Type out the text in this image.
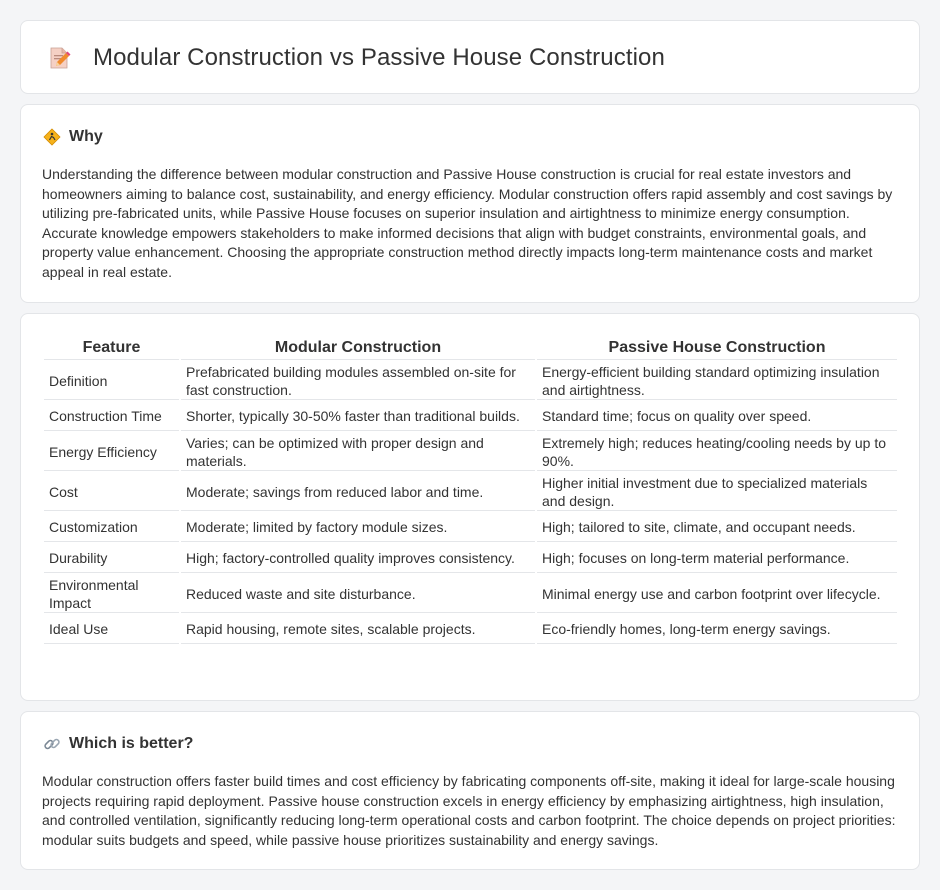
Modular Construction vs Passive House Construction
Why

Understanding the difference between modular construction and Passive House construction is crucial for real estate investors and homeowners aiming to balance cost, sustainability, and energy efficiency. Modular construction offers rapid assembly and cost savings by utilizing pre-fabricated units, while Passive House focuses on superior insulation and airtightness to minimize energy consumption. Accurate knowledge empowers stakeholders to make informed decisions that align with budget constraints, environmental goals, and property value enhancement. Choosing the appropriate construction method directly impacts long-term maintenance costs and market appeal in real estate.

Feature	Modular Construction	Passive House Construction
Definition	Prefabricated building modules assembled on-site for fast construction.	Energy-efficient building standard optimizing insulation and airtightness.
Construction Time	Shorter, typically 30-50% faster than traditional builds.	Standard time; focus on quality over speed.
Energy Efficiency	Varies; can be optimized with proper design and materials.	Extremely high; reduces heating/cooling needs by up to 90%.
Cost	Moderate; savings from reduced labor and time.	Higher initial investment due to specialized materials and design.
Customization	Moderate; limited by factory module sizes.	High; tailored to site, climate, and occupant needs.
Durability	High; factory-controlled quality improves consistency.	High; focuses on long-term material performance.
Environmental Impact	Reduced waste and site disturbance.	Minimal energy use and carbon footprint over lifecycle.
Ideal Use	Rapid housing, remote sites, scalable projects.	Eco-friendly homes, long-term energy savings.
Which is better?

Modular construction offers faster build times and cost efficiency by fabricating components off-site, making it ideal for large-scale housing projects requiring rapid deployment. Passive house construction excels in energy efficiency by emphasizing airtightness, high insulation, and controlled ventilation, significantly reducing long-term operational costs and carbon footprint. The choice depends on project priorities: modular suits budgets and speed, while passive house prioritizes sustainability and energy savings.
